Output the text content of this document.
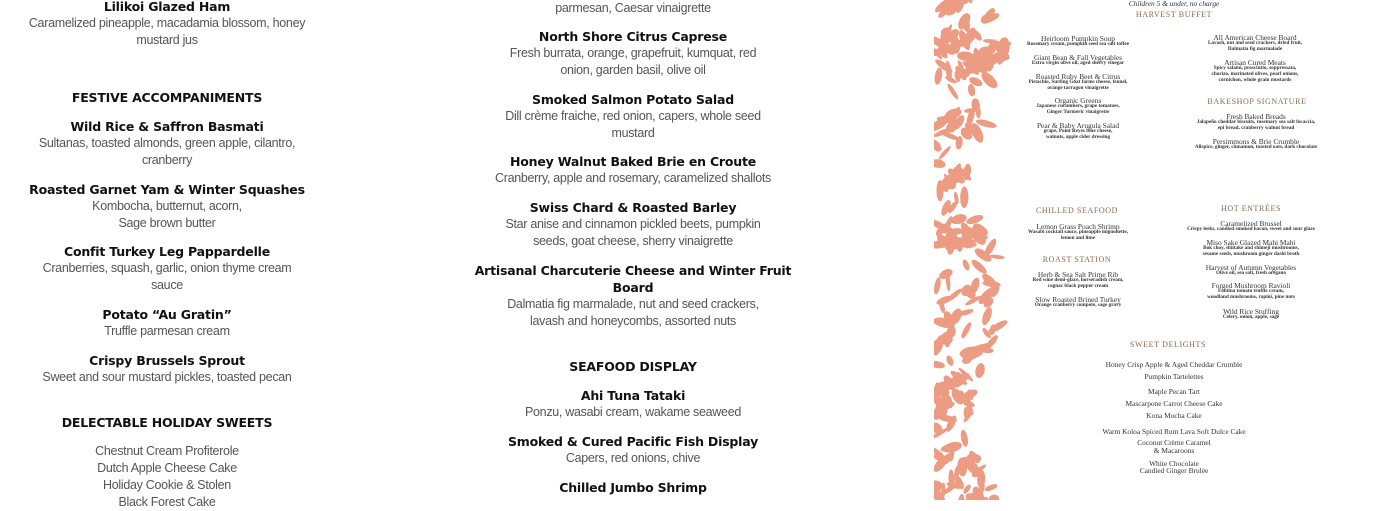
Lilikoi Glazed Ham
Caramelized pineapple, macadamia blossom, honey
mustard jus
FESTIVE ACCOMPANIMENTS
Wild Rice & Saffron Basmati
Sultanas, toasted almonds, green apple, cilantro,
cranberry
Roasted Garnet Yam & Winter Squashes
Kombocha, butternut, acorn,
Sage brown butter
Confit Turkey Leg Pappardelle
Cranberries, squash, garlic, onion thyme cream
sauce
Potato “Au Gratin”
Truffle parmesan cream
Crispy Brussels Sprout
Sweet and sour mustard pickles, toasted pecan
DELECTABLE HOLIDAY SWEETS
Chestnut Cream Profiterole
Dutch Apple Cheese Cake
Holiday Cookie & Stolen
Black Forest Cake
parmesan, Caesar vinaigrette
North Shore Citrus Caprese
Fresh burrata, orange, grapefruit, kumquat, red
onion, garden basil, olive oil
Smoked Salmon Potato Salad
Dill crème fraiche, red onion, capers, whole seed
mustard
Honey Walnut Baked Brie en Croute
Cranberry, apple and rosemary, caramelized shallots
Swiss Chard & Roasted Barley
Star anise and cinnamon pickled beets, pumpkin
seeds, goat cheese, sherry vinaigrette
Artisanal Charcuterie Cheese and Winter Fruit
Board
Dalmatia fig marmalade, nut and seed crackers,
lavash and honeycombs, assorted nuts
SEAFOOD DISPLAY
Ahi Tuna Tataki
Ponzu, wasabi cream, wakame seaweed
Smoked & Cured Pacific Fish Display
Capers, red onions, chive
Chilled Jumbo Shrimp
Children 5 & under, no charge
HARVEST BUFFET
Heirloom Pumpkin Soup
Rosemary cream, pumpkin seed sea salt toffee
Giant Bean & Fall Vegetables
Extra virgin olive oil, aged sherry vinegar
Roasted Ruby Beet & Citrus
Pistachio, Surfing Goat farms cheese, fennel,
orange tarragon vinaigrette
Organic Greens
Japanese cucumbers, grape tomatoes,
Ginger Turmeric vinaigrette
Pear & Baby Arugula Salad
grape, Point Reyes blue cheese,
walnuts, apple cider dressing
All American Cheese Board
Lavash, nut and seed crackers, dried fruit,
Dalmatia fig marmalade
Artisan Cured Meats
Spicy salami, prosciutto, soppressata,
chorizo, marinated olives, pearl onions,
cornichon, whole grain mustards
BAKESHOP SIGNATURE
Fresh Baked Breads
Jalapeño cheddar biscuits, rosemary sea salt focaccia,
epi bread, cranberry walnut bread
Persimmons & Brie Crumble
Allspice, ginger, cinnamon, toasted oats, dark chocolate
CHILLED SEAFOOD
Lemon Grass Poach Shrimp
Wasabi cocktail sauce, pineapple mignonette,
lemon and lime
ROAST STATION
Herb & Sea Salt Prime Rib
Red wine demi-glace, horseradish cream,
cognac black pepper cream
Slow Roasted Brined Turkey
Orange cranberry compote, sage gravy
HOT ENTRÉES
Caramelized Brussel
Crispy leeks, candied smoked bacon, sweet and sour glaze
Miso Sake Glazed Mahi Mahi
Bok choy, shiitake and shimeji mushrooms,
sesame seeds, mushroom ginger dashi broth
Harvest of Autumn Vegetables
Olive oil, sea salt, fresh oregano
Forged Mushroom Ravioli
Fontina tomato truffle cream,
woodland mushrooms, rapini, pine nuts
Wild Rice Stuffing
Celery, onion, apple, sage
SWEET DELIGHTS
Honey Crisp Apple & Aged Cheddar Crumble
Pumpkin Tartelettes
Maple Pecan Tart
Mascarpone Carrot Cheese Cake
Kona Mocha Cake
Warm Koloa Spiced Rum Lava Soft Dulce Cake
Coconut Crème Caramel
& Macaroons
White Chocolate
Candied Ginger Brulée
